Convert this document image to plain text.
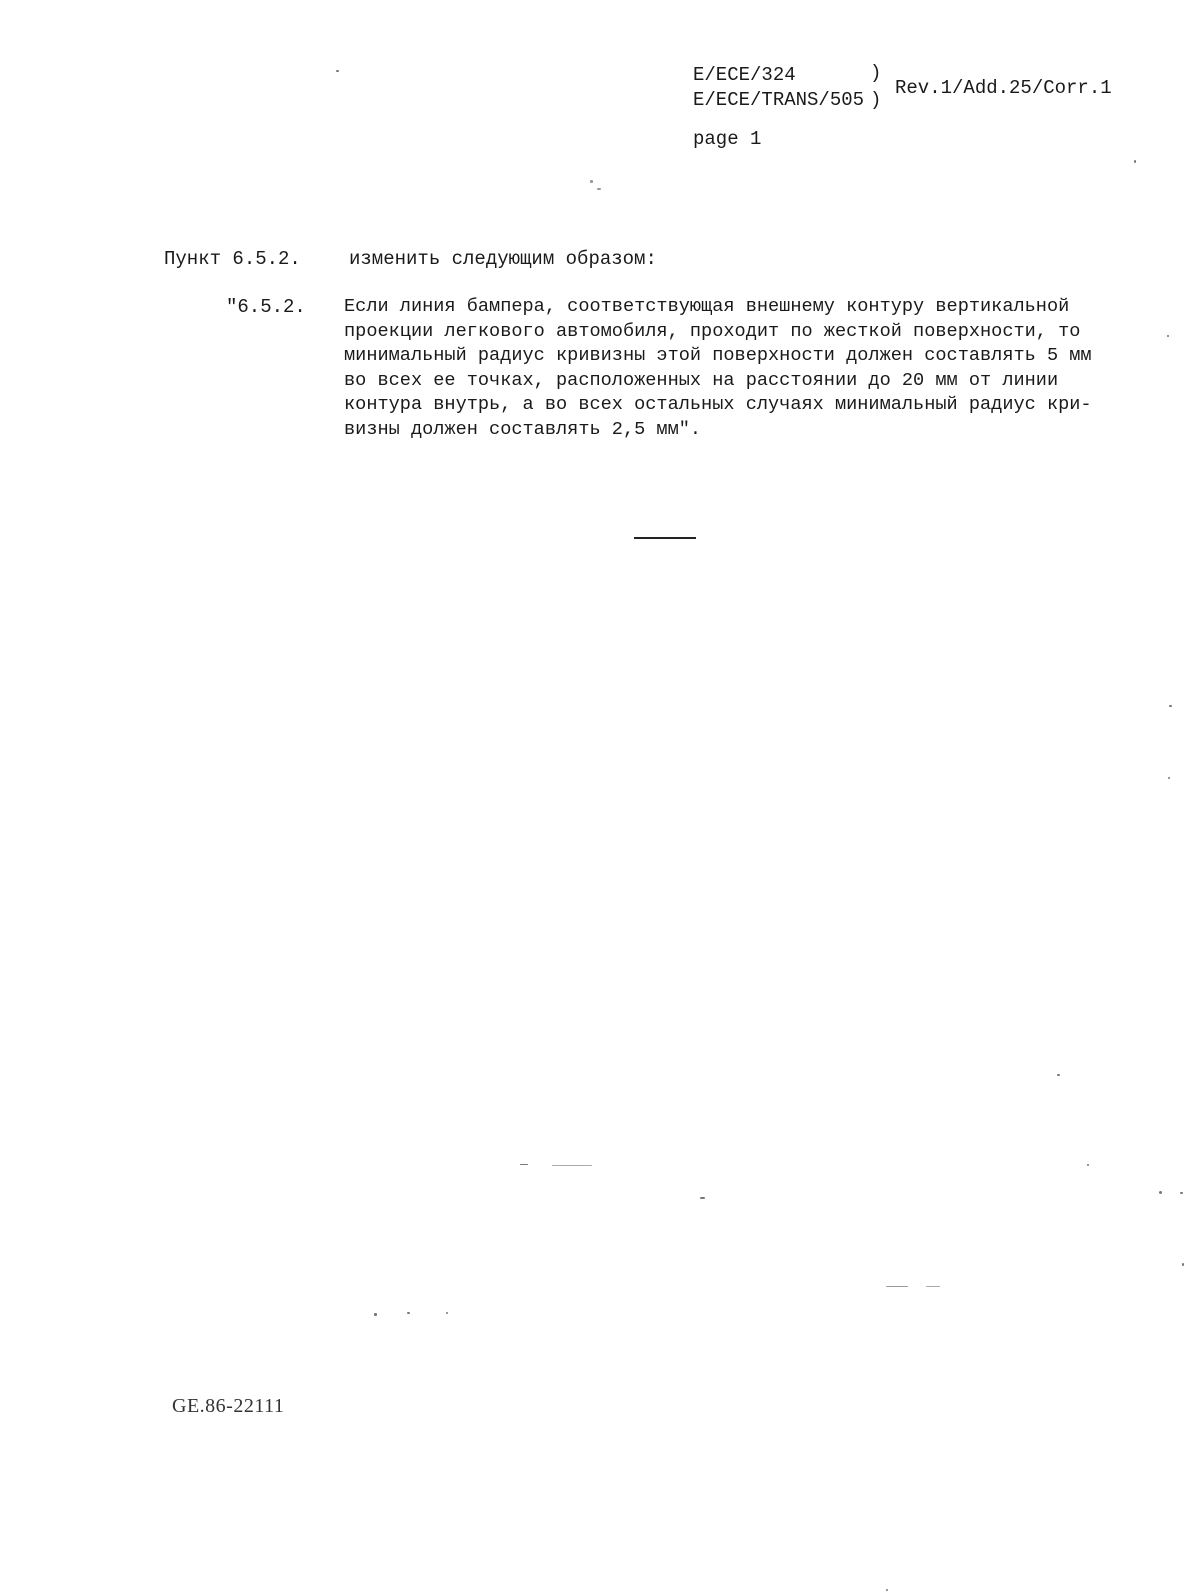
E/ECE/324
E/ECE/TRANS/505
)
)
Rev.1/Add.25/Corr.1
page 1
Пункт 6.5.2.	изменить следующим образом:
"6.5.2. Если линия бампера, соответствующая внешнему контуру вертикальной
проекции легкового автомобиля, проходит по жесткой поверхности, то
минимальный радиус кривизны этой поверхности должен составлять 5 мм
во всех ее точках, расположенных на расстоянии до 20 мм от линии
контура внутрь, а во всех остальных случаях минимальный радиус кри-
визны должен составлять 2,5 мм".
GE.86-22111
